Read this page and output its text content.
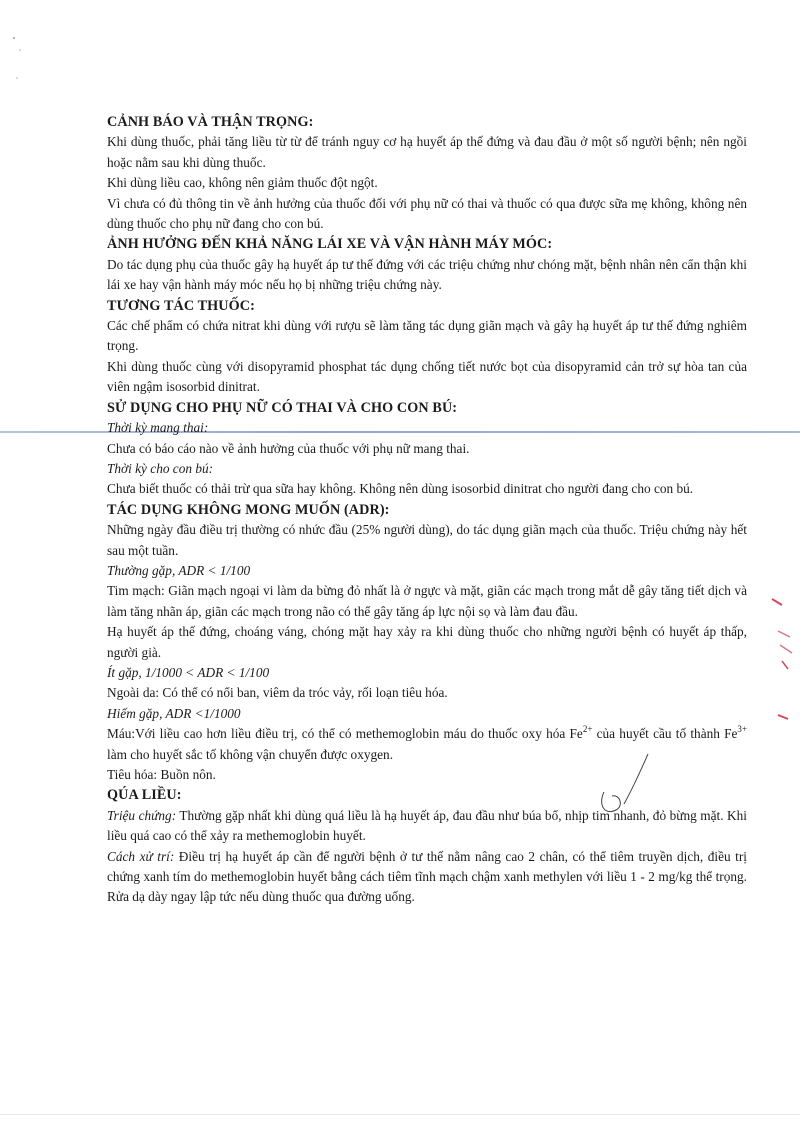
CẢNH BÁO VÀ THẬN TRỌNG:

Khi dùng thuốc, phải tăng liều từ từ để tránh nguy cơ hạ huyết áp thế đứng và đau đầu ở một số người bệnh; nên ngồi hoặc nằm sau khi dùng thuốc.

Khi dùng liều cao, không nên giảm thuốc đột ngột.

Vì chưa có đủ thông tin về ảnh hưởng của thuốc đối với phụ nữ có thai và thuốc có qua được sữa mẹ không, không nên dùng thuốc cho phụ nữ đang cho con bú.

ẢNH HƯỞNG ĐẾN KHẢ NĂNG LÁI XE VÀ VẬN HÀNH MÁY MÓC:

Do tác dụng phụ của thuốc gây hạ huyết áp tư thế đứng với các triệu chứng như chóng mặt, bệnh nhân nên cẩn thận khi lái xe hay vận hành máy móc nếu họ bị những triệu chứng này.

TƯƠNG TÁC THUỐC:

Các chế phẩm có chứa nitrat khi dùng với rượu sẽ làm tăng tác dụng giãn mạch và gây hạ huyết áp tư thế đứng nghiêm trọng.

Khi dùng thuốc cùng với disopyramid phosphat tác dụng chống tiết nước bọt của disopyramid cản trở sự hòa tan của viên ngậm isosorbid dinitrat.

SỬ DỤNG CHO PHỤ NỮ CÓ THAI VÀ CHO CON BÚ:

Thời kỳ mang thai:

Chưa có báo cáo nào về ảnh hưởng của thuốc với phụ nữ mang thai.

Thời kỳ cho con bú:

Chưa biết thuốc có thải trừ qua sữa hay không. Không nên dùng isosorbid dinitrat cho người đang cho con bú.

TÁC DỤNG KHÔNG MONG MUỐN (ADR):

Những ngày đầu điều trị thường có nhức đầu (25% người dùng), do tác dụng giãn mạch của thuốc. Triệu chứng này hết sau một tuần.

Thường gặp, ADR < 1/100

Tim mạch: Giãn mạch ngoại vi làm da bừng đỏ nhất là ở ngực và mặt, giãn các mạch trong mắt dễ gây tăng tiết dịch và làm tăng nhãn áp, giãn các mạch trong não có thể gây tăng áp lực nội sọ và làm đau đầu.

Hạ huyết áp thế đứng, choáng váng, chóng mặt hay xảy ra khi dùng thuốc cho những người bệnh có huyết áp thấp, người già.

Ít gặp, 1/1000 < ADR < 1/100

Ngoài da: Có thể có nổi ban, viêm da tróc vảy, rối loạn tiêu hóa.

Hiếm gặp, ADR <1/1000

Máu:Với liều cao hơn liều điều trị, có thể có methemoglobin máu do thuốc oxy hóa $Fe^{2+}$ của huyết cầu tố thành $Fe^{3+}$ làm cho huyết sắc tố không vận chuyển được oxygen.

Tiêu hóa: Buồn nôn.

QÚA LIỀU:

Triệu chứng: Thường gặp nhất khi dùng quá liều là hạ huyết áp, đau đầu như búa bổ, nhịp tim nhanh, đỏ bừng mặt. Khi liều quá cao có thể xảy ra methemoglobin huyết.

Cách xử trí: Điều trị hạ huyết áp cần để người bệnh ở tư thế nằm nâng cao 2 chân, có thể tiêm truyền dịch, điều trị chứng xanh tím do methemoglobin huyết bằng cách tiêm tĩnh mạch chậm xanh methylen với liều 1 - 2 mg/kg thể trọng. Rửa dạ dày ngay lập tức nếu dùng thuốc qua đường uống.
